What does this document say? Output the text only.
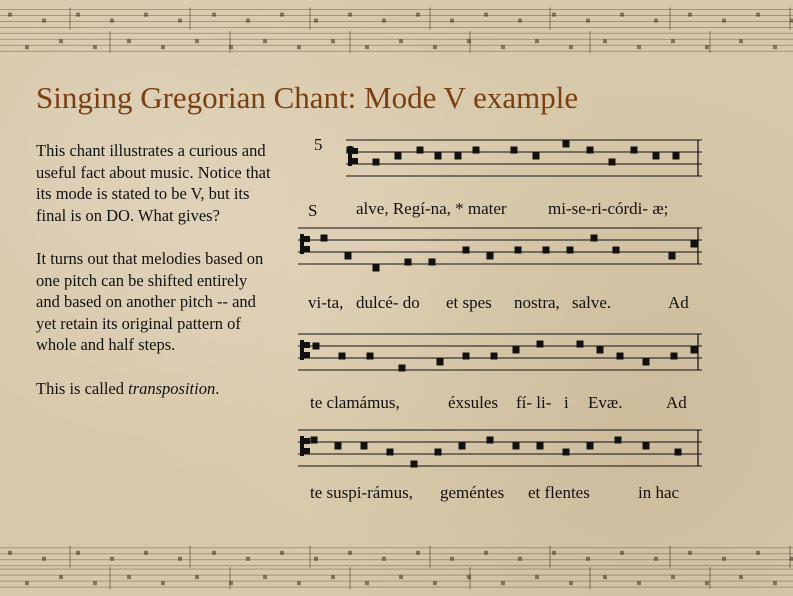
Singing Gregorian Chant: Mode V example

This chant illustrates a curious and useful fact about music. Notice that its mode is stated to be V, but its final is on DO. What gives?

It turns out that melodies based on one pitch can be shifted entirely and based on another pitch -- and yet retain its original pattern of whole and half steps.

This is called transposition.

5
S alve, Regí-na, * mater mi-se-ri-córdi- æ;
vi-ta, dulcé- do et spes nostra, salve.	Ad
te clamámus,	éxsules fí- li- i Evæ.	Ad
te suspi-rámus, geméntes et flentes	in hac
